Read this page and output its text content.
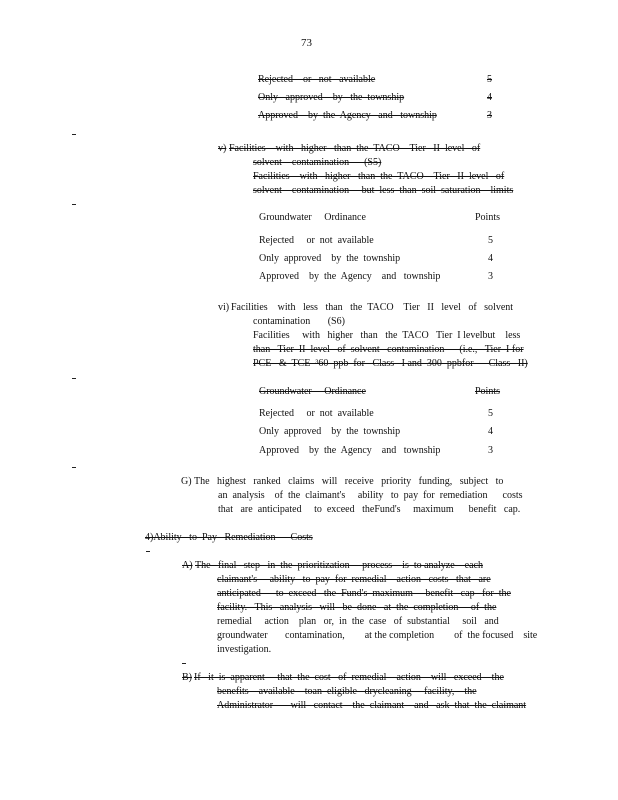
73
Rejected    or   not   available	5
Only   approved    by   the  township	4
Approved    by  the  Agency   and   township	3
v) Facilities    with   higher   than  the  TACO    Tier   II  level   of
solvent    contamination      (S5)
Facilities    with   higher   than  the  TACO    Tier   II  level   of
solvent    contamination     but  less  than  soil  saturation    limits
Groundwater     Ordinance	Points
Rejected     or  not  available	5
Only  approved    by  the  township	4
Approved    by  the  Agency    and   township	3
vi) Facilities    with   less   than   the  TACO    Tier   II   level   of   solvent
contamination       (S6)
Facilities     with   higher   than   the  TACO   Tier  I levelbut    less
than   Tier  II  level   of  solvent   contamination      (i.e.,   Tier  I for
PCE   &  TCE  ³60  ppb  for   Class   I and  300  ppbfor      Class   II)
Groundwater     Ordinance	Points
Rejected     or  not  available	5
Only  approved    by  the  township	4
Approved    by  the  Agency    and   township	3
G) The   highest   ranked   claims   will   receive   priority   funding,   subject   to
an  analysis    of  the  claimant's     ability   to  pay  for  remediation      costs
that   are  anticipated     to  exceed   theFund's     maximum      benefit   cap.
4)Ability   to  Pay   Remediation      Costs
A) The   final   step   in  the  prioritization     process    is  to analyze    each
claimant's     ability   to  pay  for  remedial    action   costs   that   are
anticipated      to  exceed   the  Fund's  maximum     benefit   cap   for  the
facility.   This   analysis   will   be  done   at  the  completion     of  the
remedial     action    plan   or,  in  the  case   of  substantial     soil   and
groundwater       contamination,        at the completion        of  the focused    site
investigation.
B) If   it  is  apparent     that  the  cost   of  remedial    action    will   exceed    the
benefits    available    toan  eligible   drycleaning     facility,    the
Administrator       will   contact    the  claimant    and   ask  that  the  claimant
